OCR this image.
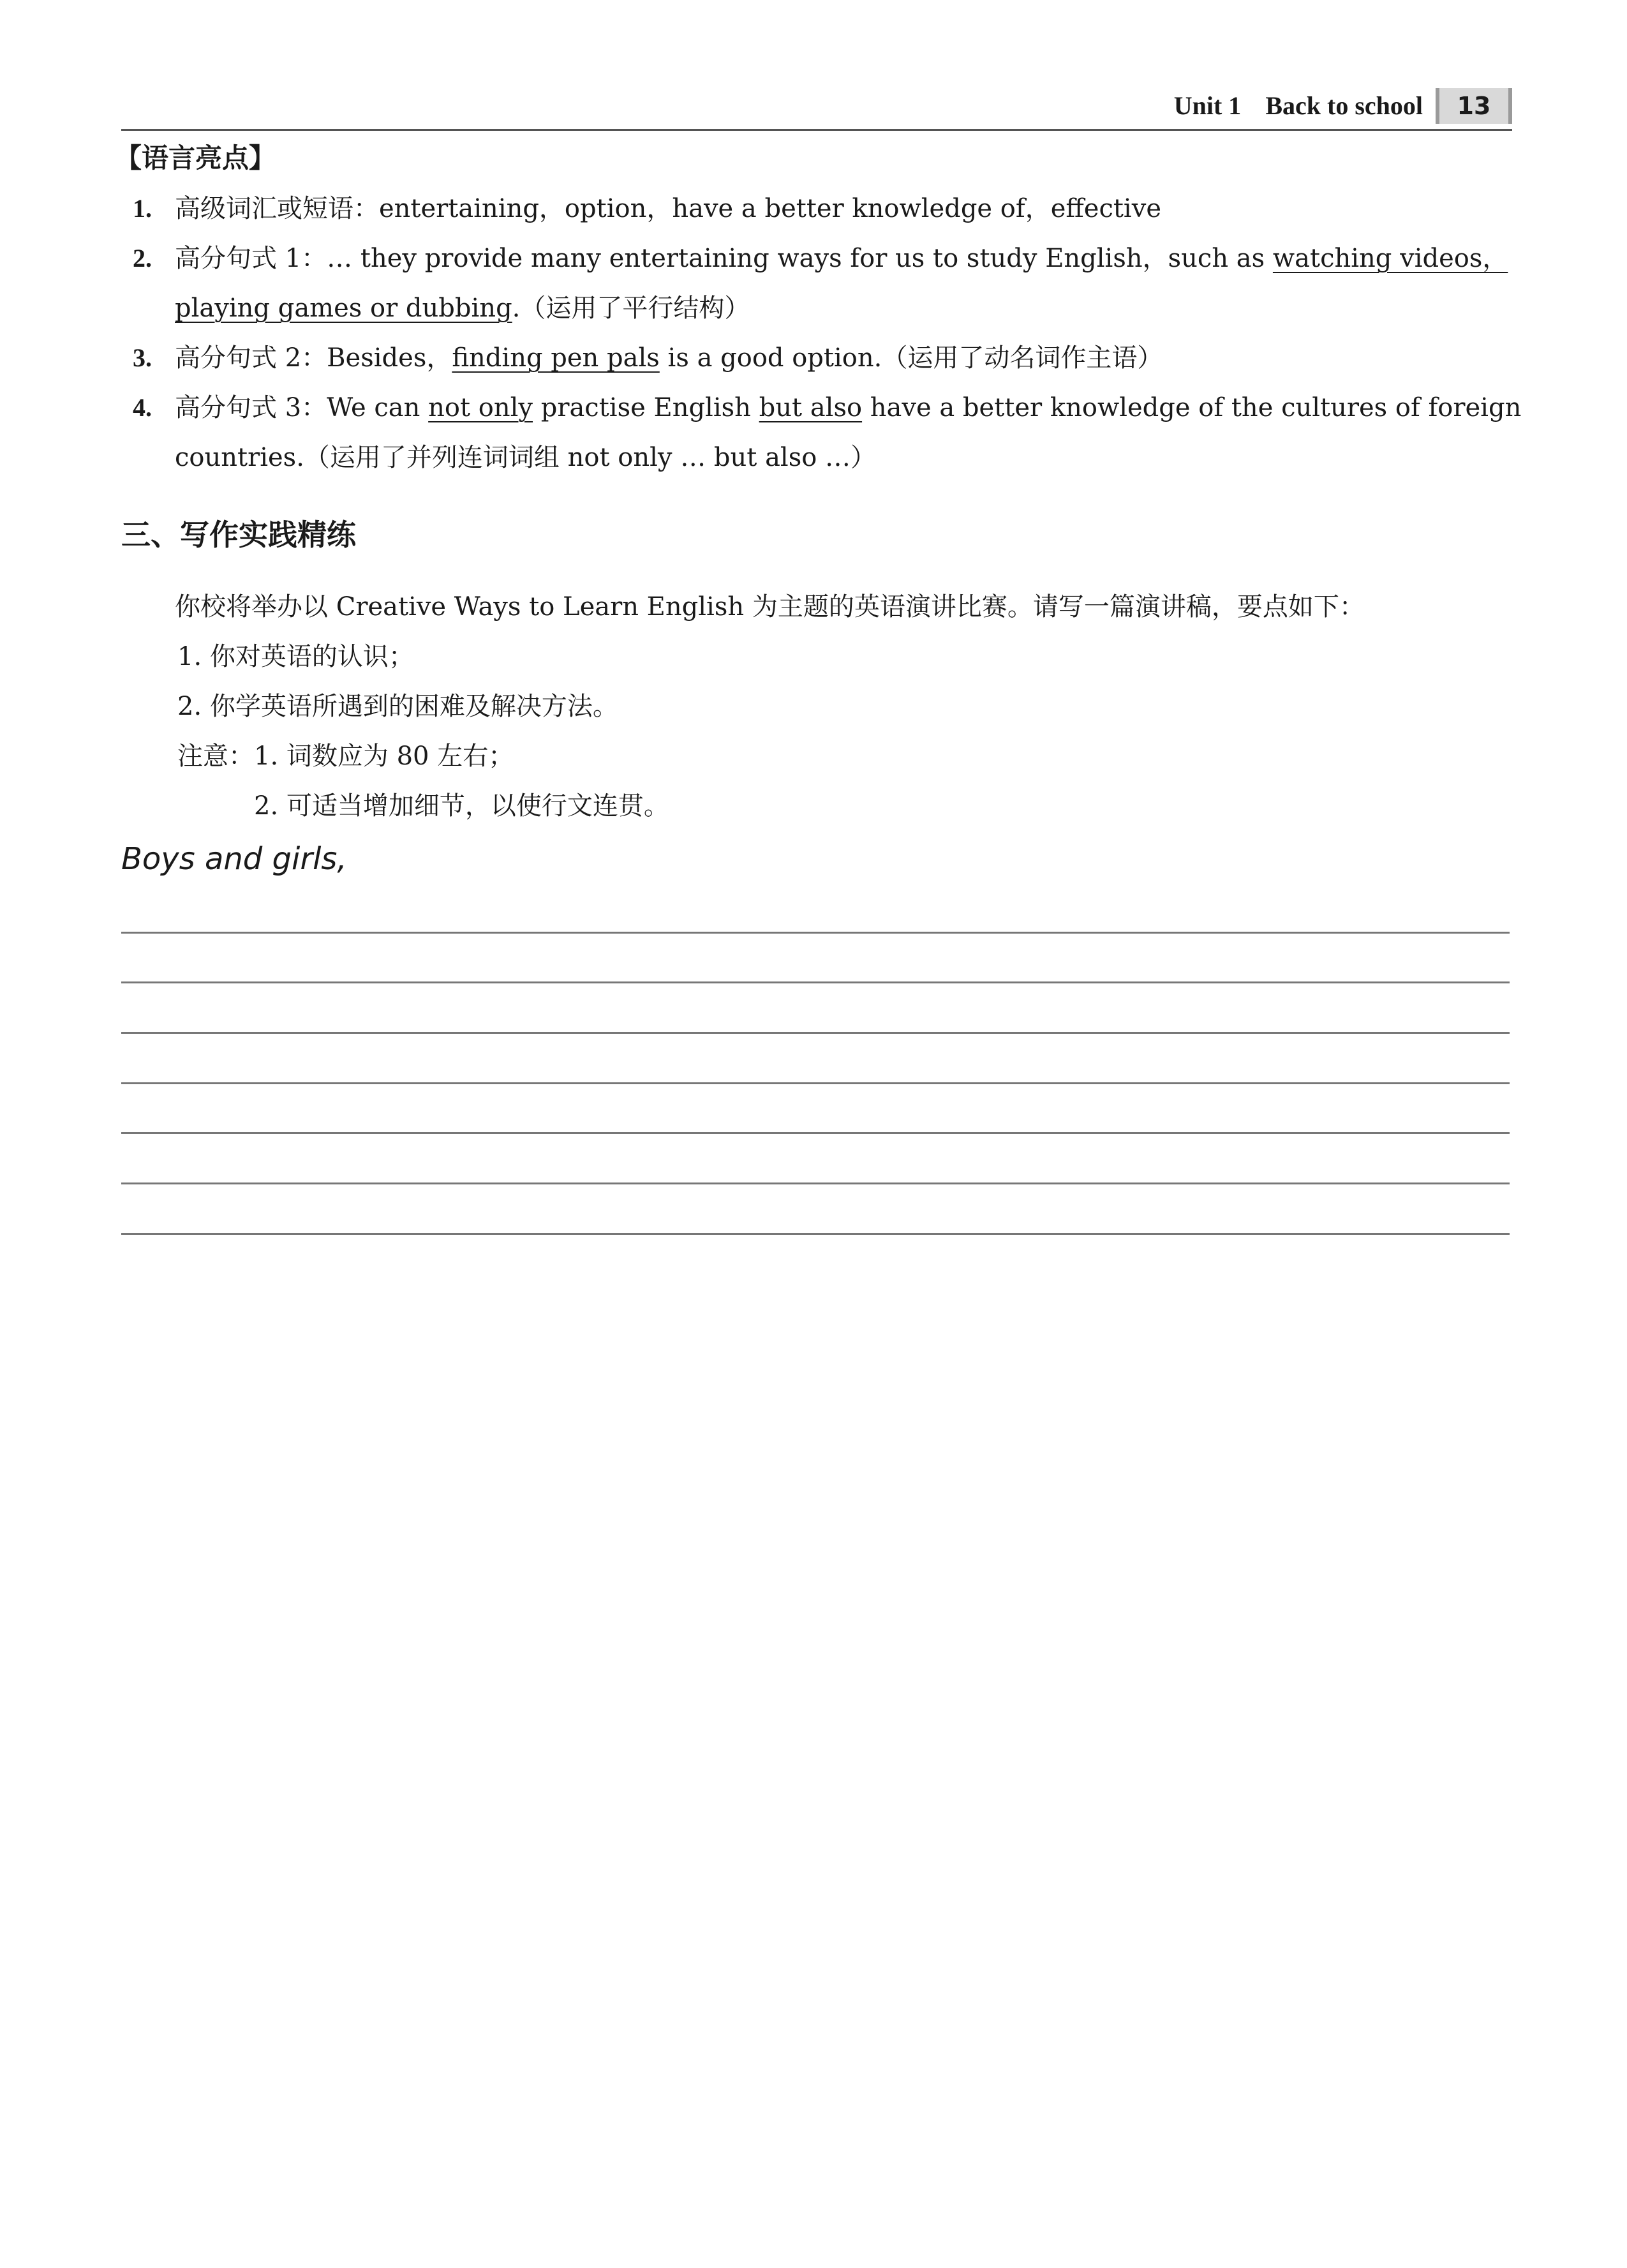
Unit 1 Back to school	13
【语言亮点】
1. 高级词汇或短语：entertaining，option，have a better knowledge of，effective
2. 高分句式 1：… they provide many entertaining ways for us to study English，such as watching videos，
playing games or dubbing.（运用了平行结构）
3. 高分句式 2：Besides，finding pen pals is a good option.（运用了动名词作主语）
4. 高分句式 3：We can not only practise English but also have a better knowledge of the cultures of foreign
countries.（运用了并列连词词组 not only … but also …）
三、写作实践精练
你校将举办以 Creative Ways to Learn English 为主题的英语演讲比赛。请写一篇演讲稿，要点如下：
1. 你对英语的认识；
2. 你学英语所遇到的困难及解决方法。
注意：1. 词数应为 80 左右；
2. 可适当增加细节，以使行文连贯。
Boys and girls,
